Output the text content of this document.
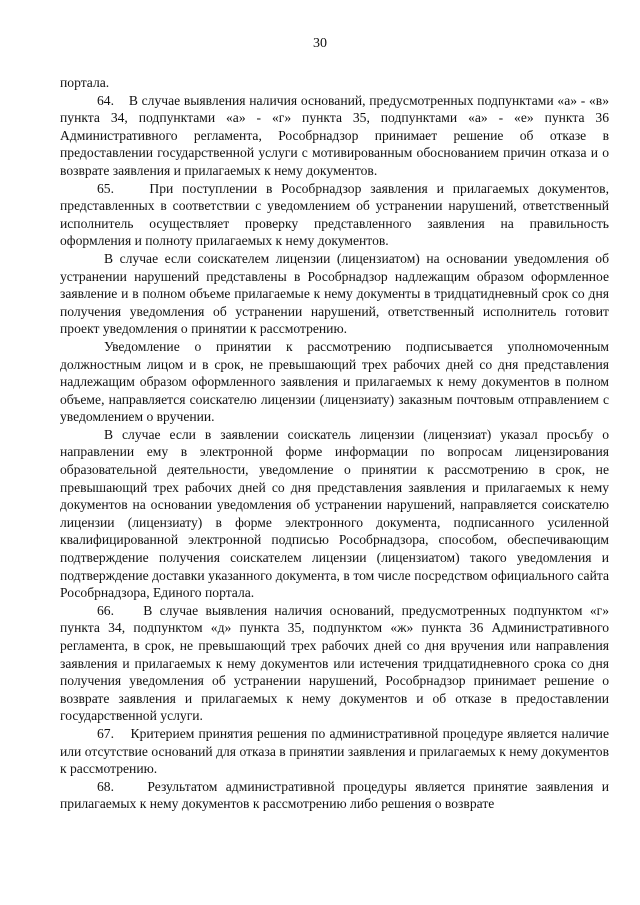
30

портала.

64.    В случае выявления наличия оснований, предусмотренных подпунктами «а» - «в» пункта 34, подпунктами «а» - «г» пункта 35, подпунктами «а» - «е» пункта 36 Административного регламента, Рособрнадзор принимает решение об отказе в предоставлении государственной услуги с мотивированным обоснованием причин отказа и о возврате заявления и прилагаемых к нему документов.

65.    При поступлении в Рособрнадзор заявления и прилагаемых документов, представленных в соответствии с уведомлением об устранении нарушений, ответственный исполнитель осуществляет проверку представленного заявления на правильность оформления и полноту прилагаемых к нему документов.

В случае если соискателем лицензии (лицензиатом) на основании уведомления об устранении нарушений представлены в Рособрнадзор надлежащим образом оформленное заявление и в полном объеме прилагаемые к нему документы в тридцатидневный срок со дня получения уведомления об устранении нарушений, ответственный исполнитель готовит проект уведомления о принятии к рассмотрению.

Уведомление о принятии к рассмотрению подписывается уполномоченным должностным лицом и в срок, не превышающий трех рабочих дней со дня представления надлежащим образом оформленного заявления и прилагаемых к нему документов в полном объеме, направляется соискателю лицензии (лицензиату) заказным почтовым отправлением с уведомлением о вручении.

В случае если в заявлении соискатель лицензии (лицензиат) указал просьбу о направлении ему в электронной форме информации по вопросам лицензирования образовательной деятельности, уведомление о принятии к рассмотрению в срок, не превышающий трех рабочих дней со дня представления заявления и прилагаемых к нему документов на основании уведомления об устранении нарушений, направляется соискателю лицензии (лицензиату) в форме электронного документа, подписанного усиленной квалифицированной электронной подписью Рособрнадзора, способом, обеспечивающим подтверждение получения соискателем лицензии (лицензиатом) такого уведомления и подтверждение доставки указанного документа, в том числе посредством официального сайта Рособрнадзора, Единого портала.

66.    В случае выявления наличия оснований, предусмотренных подпунктом «г» пункта 34, подпунктом «д» пункта 35, подпунктом «ж» пункта 36 Административного регламента, в срок, не превышающий трех рабочих дней со дня вручения или направления заявления и прилагаемых к нему документов или истечения тридцатидневного срока со дня получения уведомления об устранении нарушений, Рособрнадзор принимает решение о возврате заявления и прилагаемых к нему документов и об отказе в предоставлении государственной услуги.

67.    Критерием принятия решения по административной процедуре является наличие или отсутствие оснований для отказа в принятии заявления и прилагаемых к нему документов к рассмотрению.

68.    Результатом административной процедуры является принятие заявления и прилагаемых к нему документов к рассмотрению либо решения о возврате
